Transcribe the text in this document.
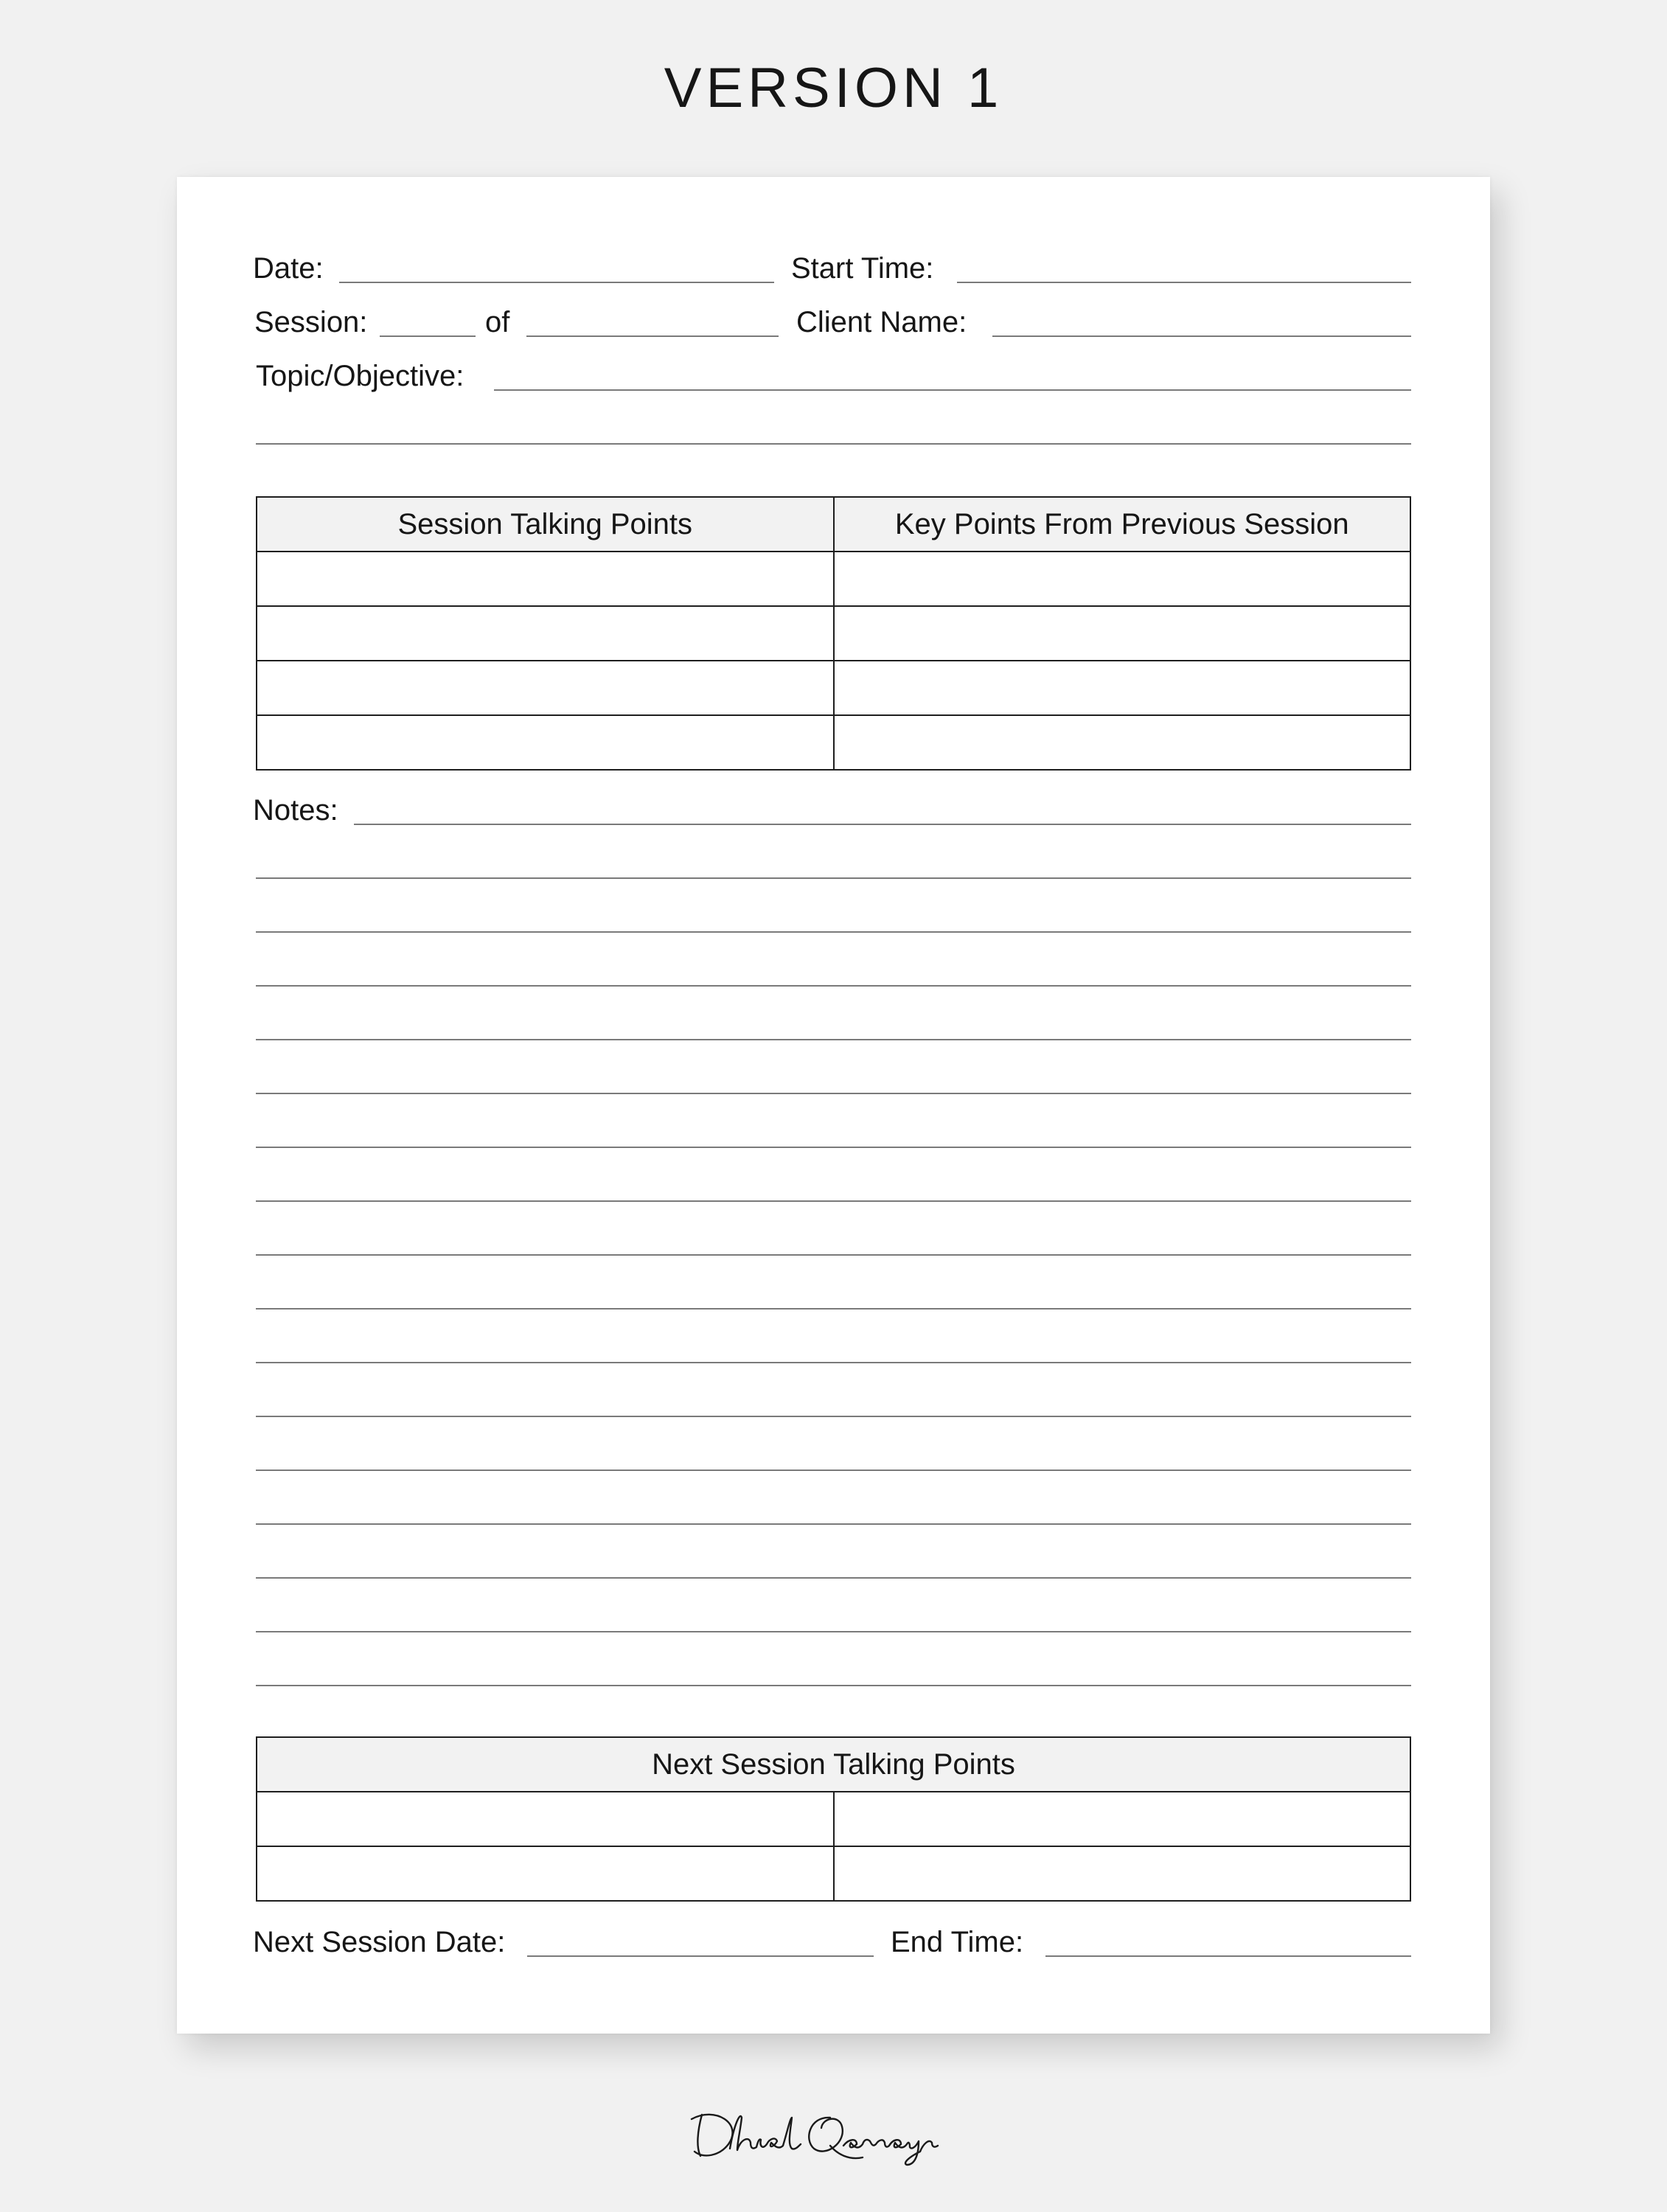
VERSION 1
Date:	Start Time:
Session:	of	Client Name:
Topic/Objective:
Session Talking Points	Key Points From Previous Session

Notes:
Next Session Talking Points	

Next Session Date:	End Time:
